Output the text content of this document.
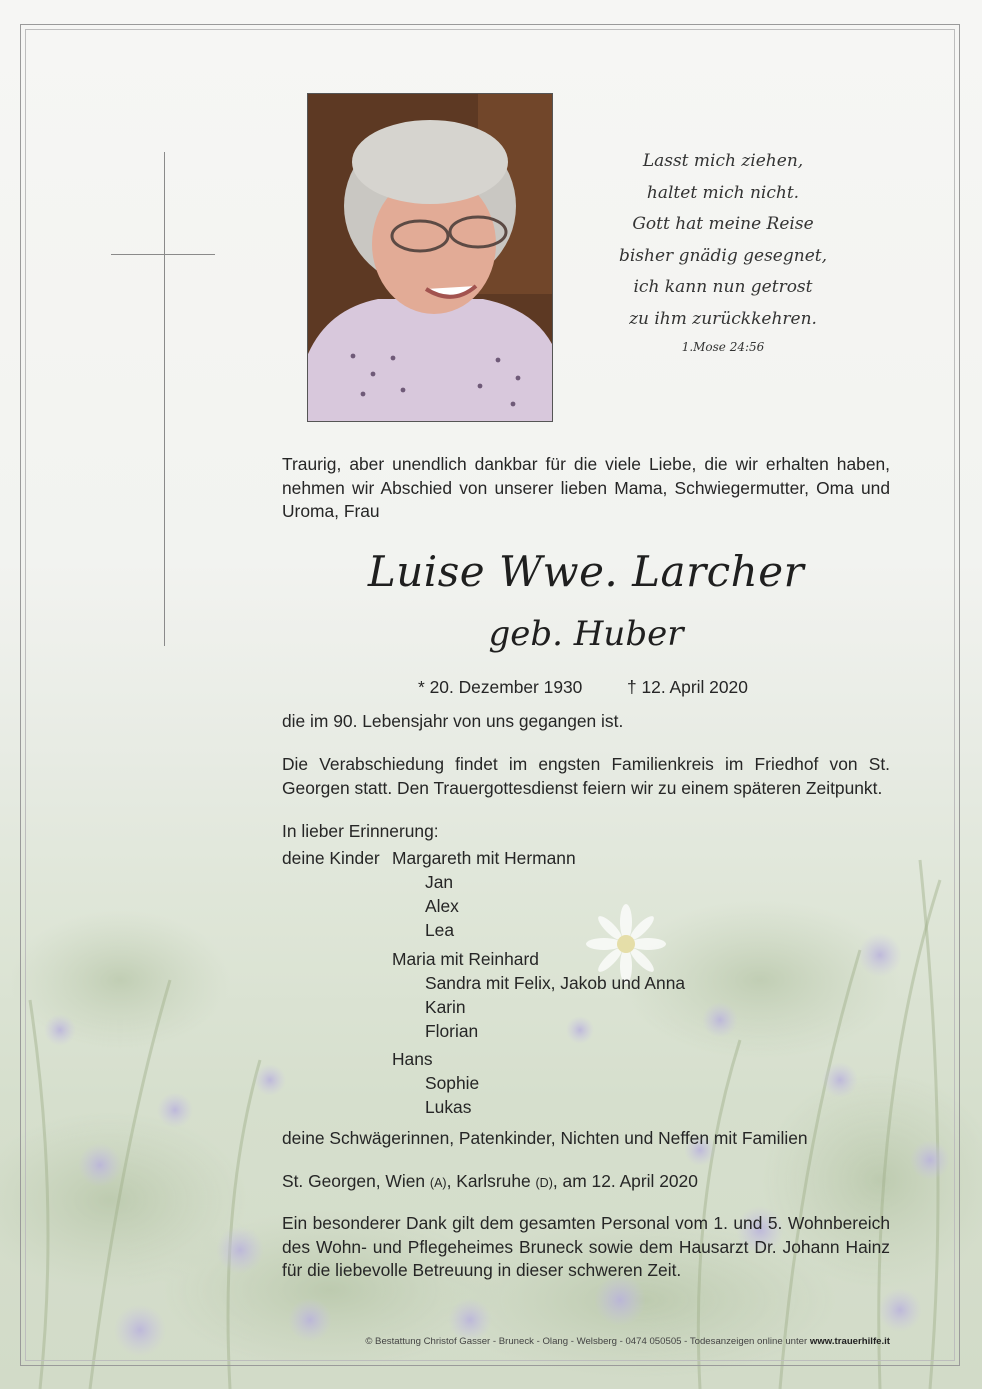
Lasst mich ziehen,
haltet mich nicht.
Gott hat meine Reise
bisher gnädig gesegnet,
ich kann nun getrost
zu ihm zurückkehren.
1.Mose 24:56
Traurig, aber unendlich dankbar für die viele Liebe, die wir erhalten haben, nehmen wir Abschied von unserer lieben Mama, Schwiegermutter, Oma und Uroma, Frau
Luise Wwe. Larcher
geb. Huber
* 20. Dezember 1930	† 12. April 2020
die im 90. Lebensjahr von uns gegangen ist.
Die Verabschiedung findet im engsten Familienkreis im Friedhof von St. Georgen statt. Den Trauergottesdienst feiern wir zu einem späteren Zeitpunkt.
In lieber Erinnerung:
deine Kinder Margareth mit Hermann
Jan
Alex
Lea
Maria mit Reinhard
Sandra mit Felix, Jakob und Anna
Karin
Florian
Hans
Sophie
Lukas
deine Schwägerinnen, Patenkinder, Nichten und Neffen mit Familien
St. Georgen, Wien (A), Karlsruhe (D), am 12. April 2020
Ein besonderer Dank gilt dem gesamten Personal vom 1. und 5. Wohnbereich des Wohn- und Pflegeheimes Bruneck sowie dem Hausarzt Dr. Johann Hainz für die liebevolle Betreuung in dieser schweren Zeit.
© Bestattung Christof Gasser - Bruneck - Olang - Welsberg - 0474 050505 - Todesanzeigen online unter www.trauerhilfe.it
